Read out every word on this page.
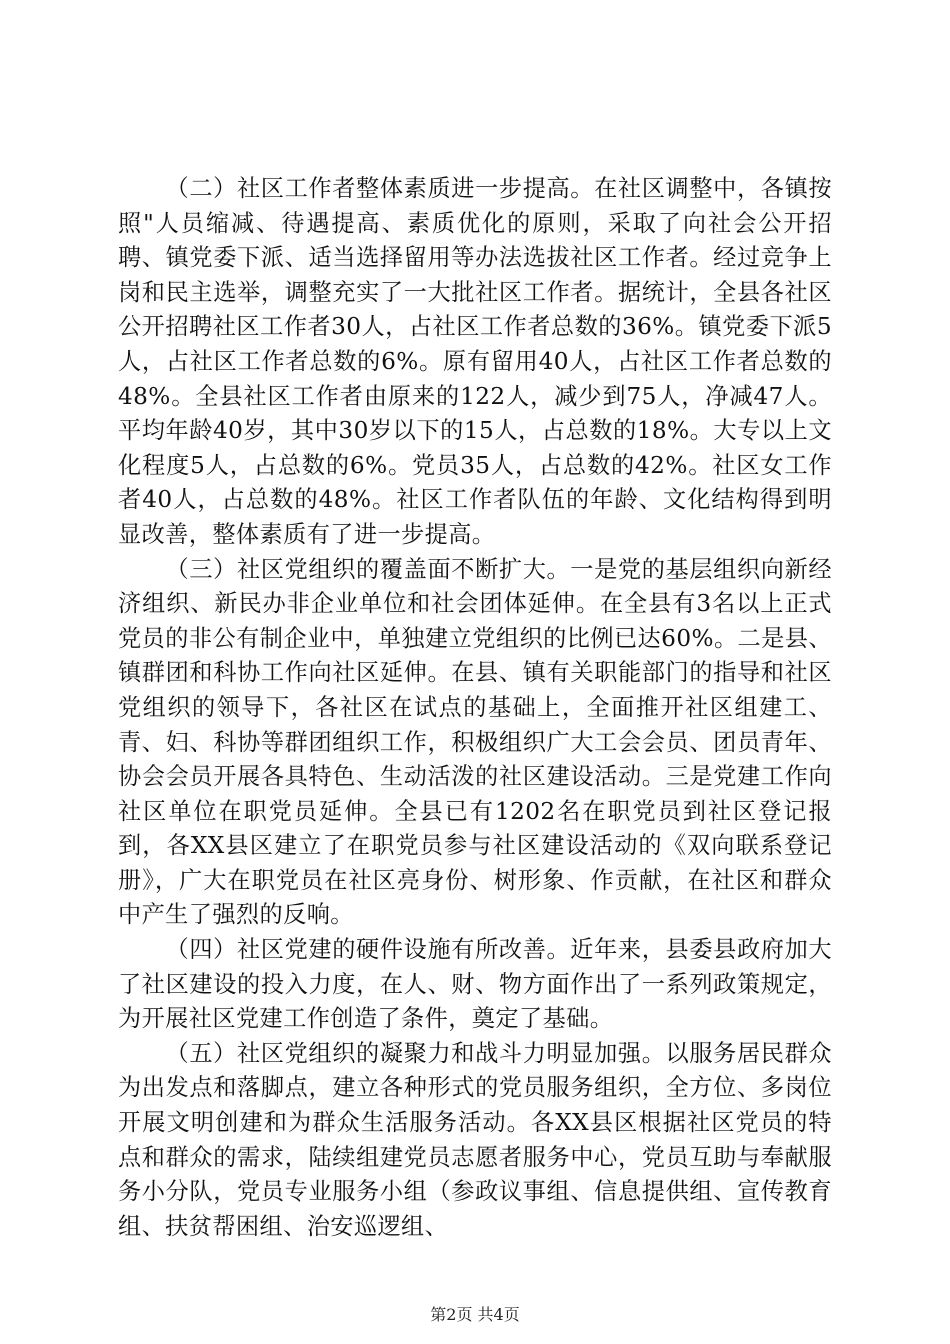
（二）社区工作者整体素质进一步提高。在社区调整中，各镇按照"人员缩减、待遇提高、素质优化的原则，采取了向社会公开招聘、镇党委下派、适当选择留用等办法选拔社区工作者。经过竞争上岗和民主选举，调整充实了一大批社区工作者。据统计，全县各社区公开招聘社区工作者30人，占社区工作者总数的36%。镇党委下派5人，占社区工作者总数的6%。原有留用40人，占社区工作者总数的48%。全县社区工作者由原来的122人，减少到75人，净减47人。平均年龄40岁，其中30岁以下的15人，占总数的18%。大专以上文化程度5人，占总数的6%。党员35人，占总数的42%。社区女工作者40人，占总数的48%。社区工作者队伍的年龄、文化结构得到明显改善，整体素质有了进一步提高。

（三）社区党组织的覆盖面不断扩大。一是党的基层组织向新经济组织、新民办非企业单位和社会团体延伸。在全县有3名以上正式党员的非公有制企业中，单独建立党组织的比例已达60%。二是县、镇群团和科协工作向社区延伸。在县、镇有关职能部门的指导和社区党组织的领导下，各社区在试点的基础上，全面推开社区组建工、青、妇、科协等群团组织工作，积极组织广大工会会员、团员青年、协会会员开展各具特色、生动活泼的社区建设活动。三是党建工作向社区单位在职党员延伸。全县已有1202名在职党员到社区登记报到，各XX县区建立了在职党员参与社区建设活动的《双向联系登记册》，广大在职党员在社区亮身份、树形象、作贡献，在社区和群众中产生了强烈的反响。

（四）社区党建的硬件设施有所改善。近年来，县委县政府加大了社区建设的投入力度，在人、财、物方面作出了一系列政策规定，为开展社区党建工作创造了条件，奠定了基础。

（五）社区党组织的凝聚力和战斗力明显加强。以服务居民群众为出发点和落脚点，建立各种形式的党员服务组织，全方位、多岗位开展文明创建和为群众生活服务活动。各XX县区根据社区党员的特点和群众的需求，陆续组建党员志愿者服务中心，党员互助与奉献服务小分队，党员专业服务小组（参政议事组、信息提供组、宣传教育组、扶贫帮困组、治安巡逻组、

第2页 共4页
